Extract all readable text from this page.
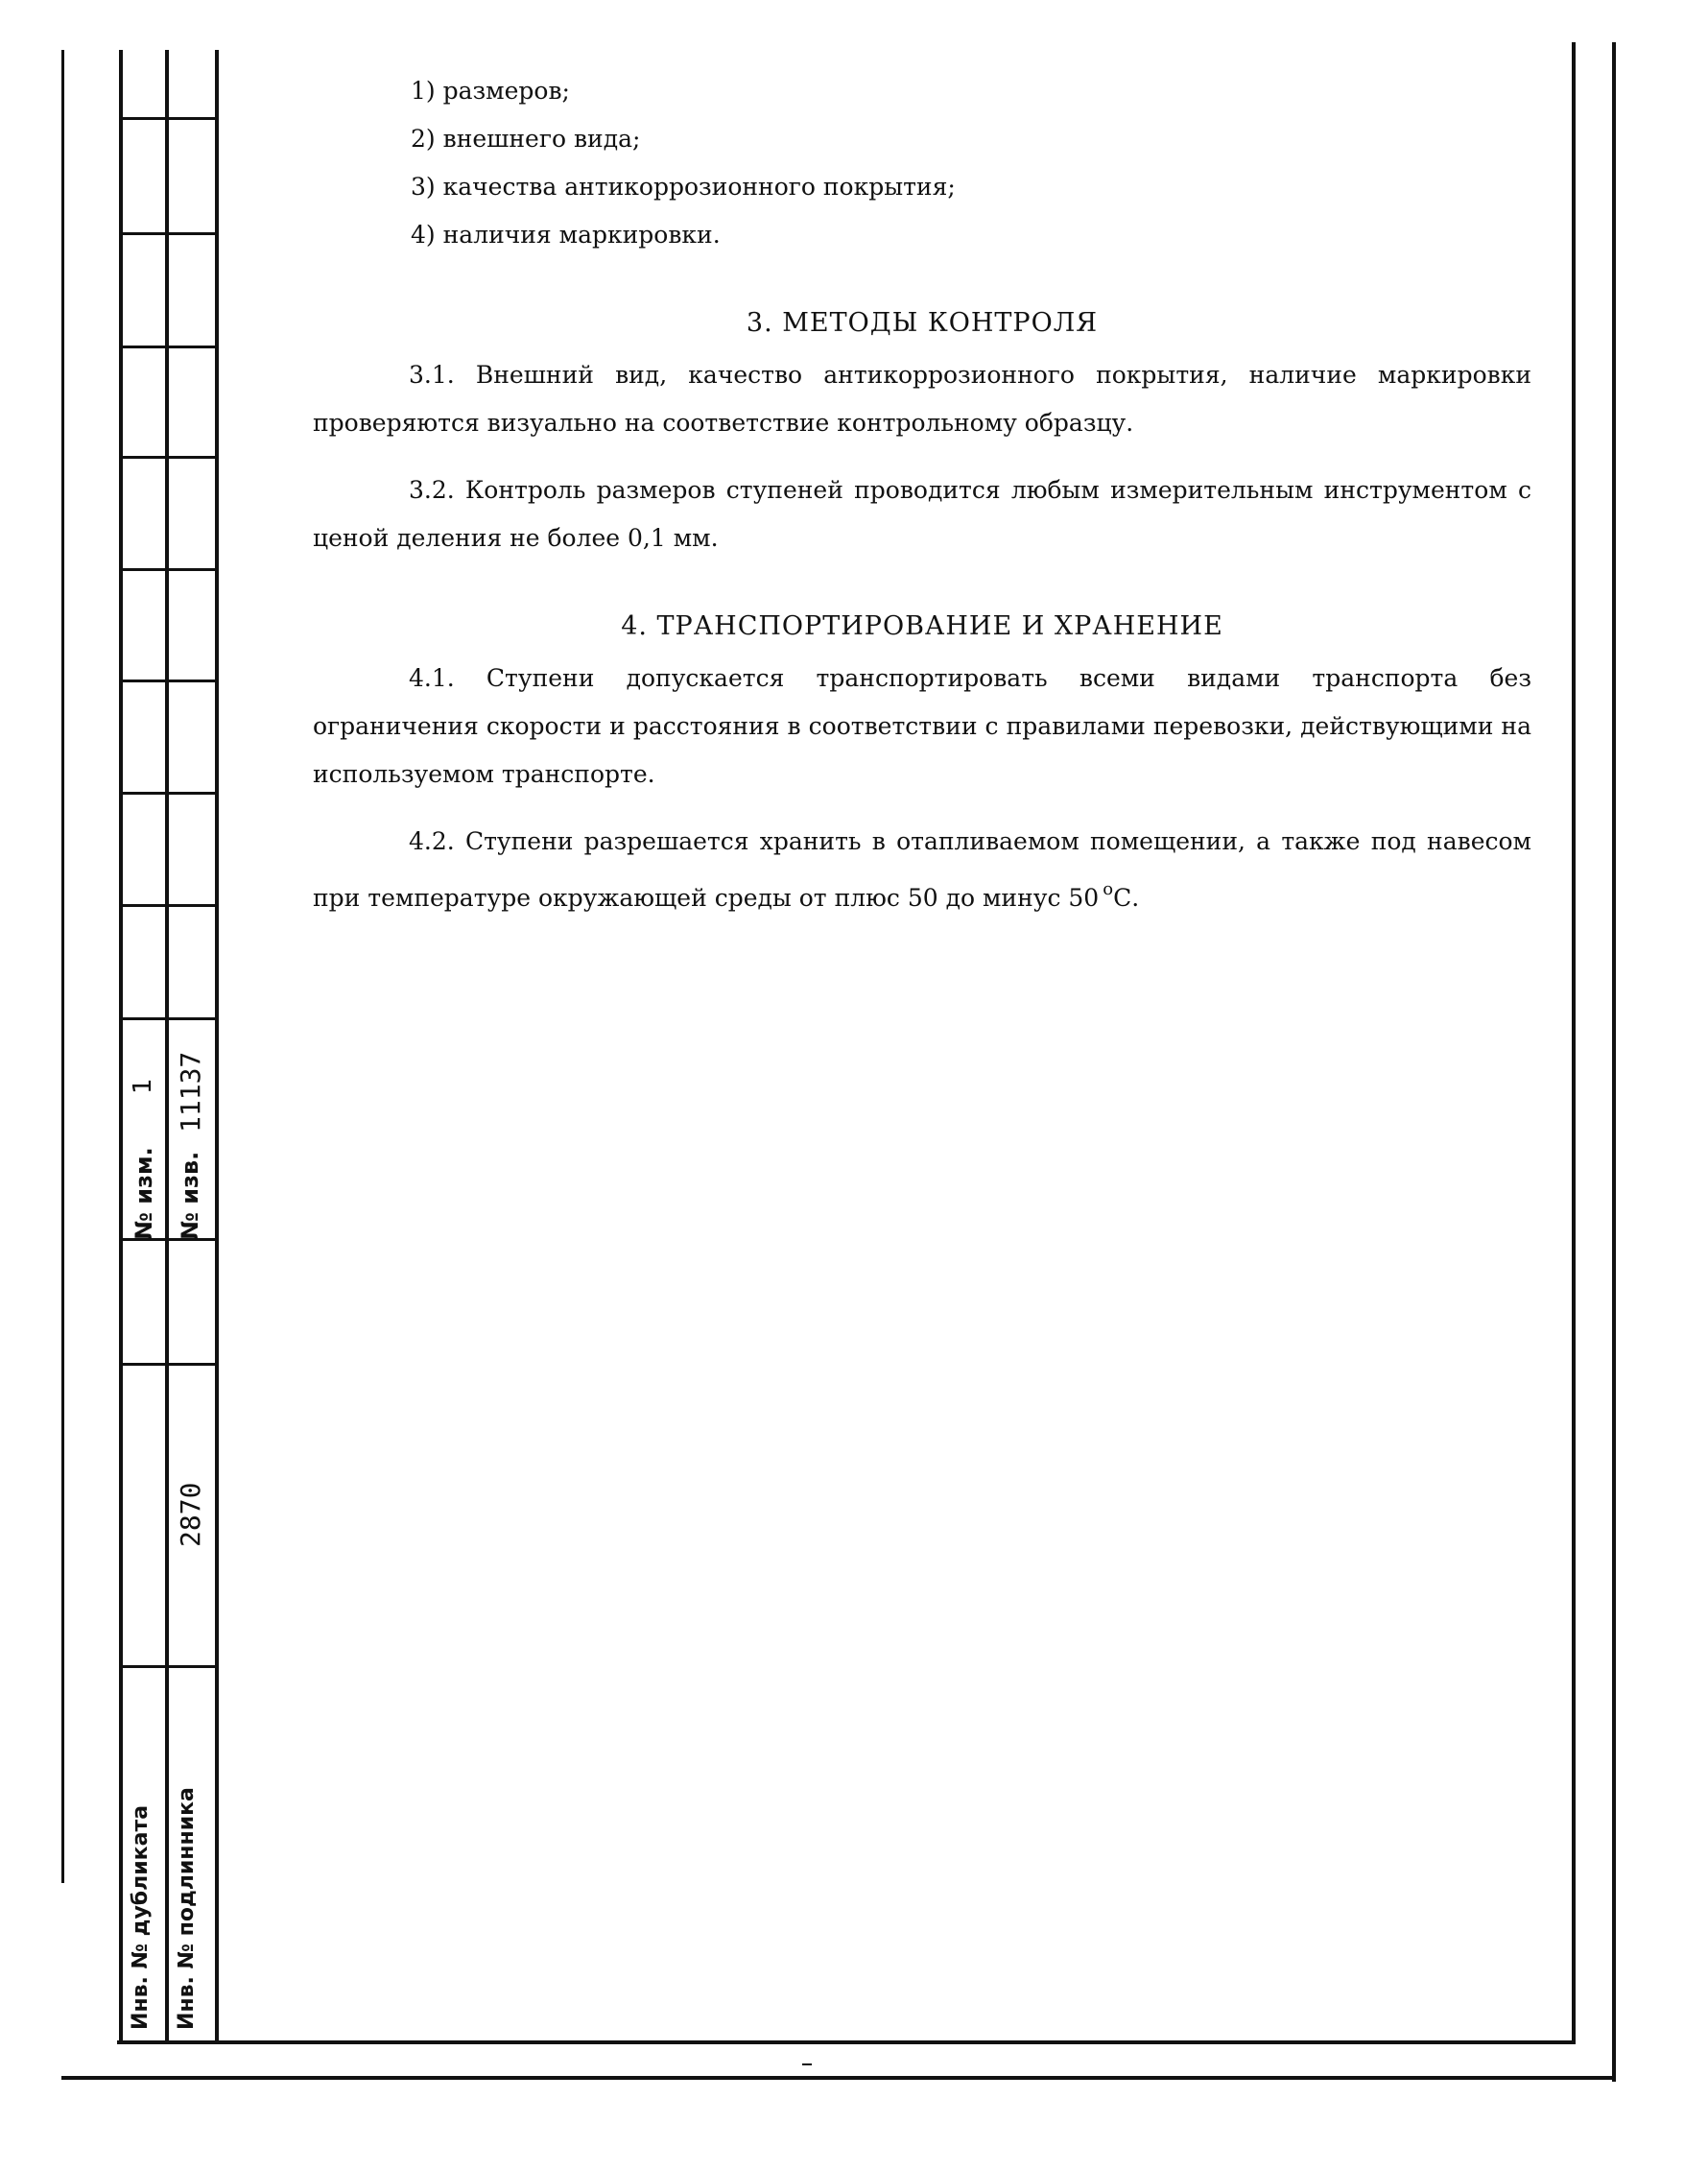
№ изм.
1
№ изв.
11137
2870
Инв. № дубликата Инв. № подлинника
1) размеров;
2) внешнего вида;
3) качества антикоррозионного покрытия;
4) наличия маркировки.
3. МЕТОДЫ КОНТРОЛЯ

3.1. Внешний вид, качество антикоррозионного покрытия, наличие маркировки проверяются визуально на соответствие контрольному образцу.

3.2. Контроль размеров ступеней проводится любым измерительным инструментом с ценой деления не более 0,1 мм.

4. ТРАНСПОРТИРОВАНИЕ И ХРАНЕНИЕ

4.1. Ступени допускается транспортировать всеми видами транспорта без ограничения скорости и расстояния в соответствии с правилами перевозки, действующими на используемом транспорте.

4.2. Ступени разрешается хранить в отапливаемом помещении, а также под навесом при температуре окружающей среды от плюс 50 до минус 50 $^о$С.
